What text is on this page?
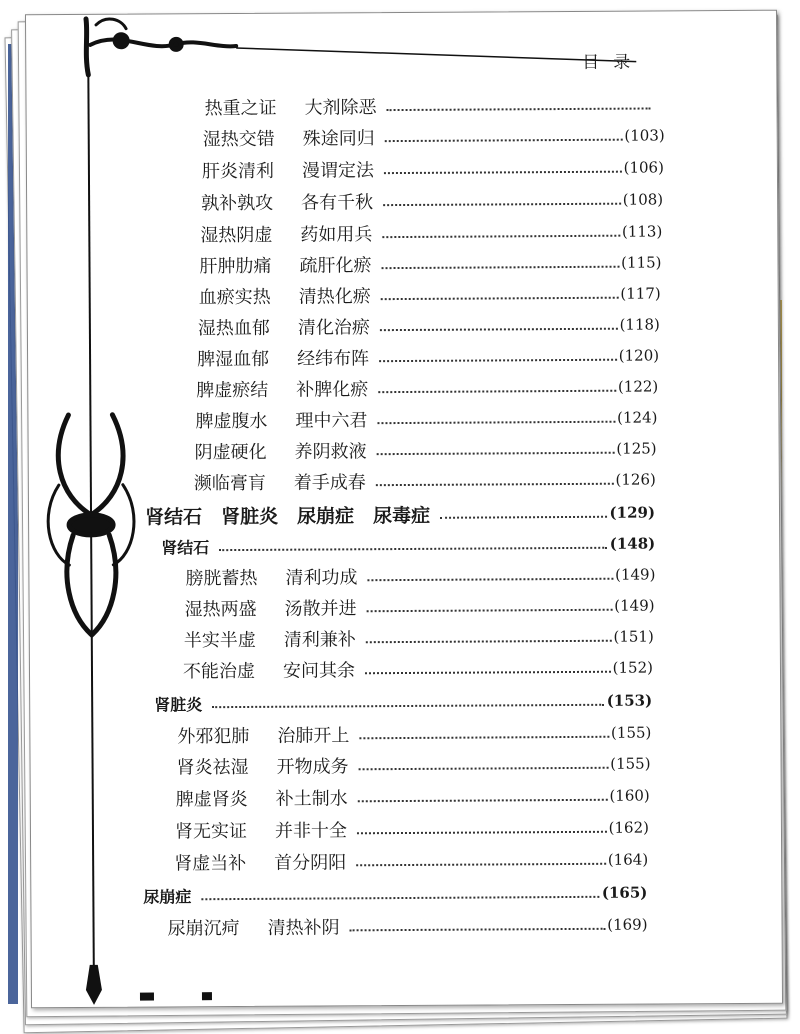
目录
热重之证 大剂除恶
湿热交错 殊途同归	(103)
肝炎清利 漫谓定法	(106)
孰补孰攻 各有千秋	(108)
湿热阴虚 药如用兵	(113)
肝肿肋痛 疏肝化瘀	(115)
血瘀实热 清热化瘀	(117)
湿热血郁 清化治瘀	(118)
脾湿血郁 经纬布阵	(120)
脾虚瘀结 补脾化瘀	(122)
脾虚腹水 理中六君	(124)
阴虚硬化 养阴救液	(125)
濒临膏肓 着手成春	(126)
肾结石　肾脏炎　尿崩症　尿毒症	(129)
肾结石	(148)
膀胱蓄热 清利功成	(149)
湿热两盛 汤散并进	(149)
半实半虚 清利兼补	(151)
不能治虚 安问其余	(152)
肾脏炎	(153)
外邪犯肺 治肺开上	(155)
肾炎祛湿 开物成务	(155)
脾虚肾炎 补土制水	(160)
肾无实证 并非十全	(162)
肾虚当补 首分阴阳	(164)
尿崩症	(165)
尿崩沉疴 清热补阴	(169)
